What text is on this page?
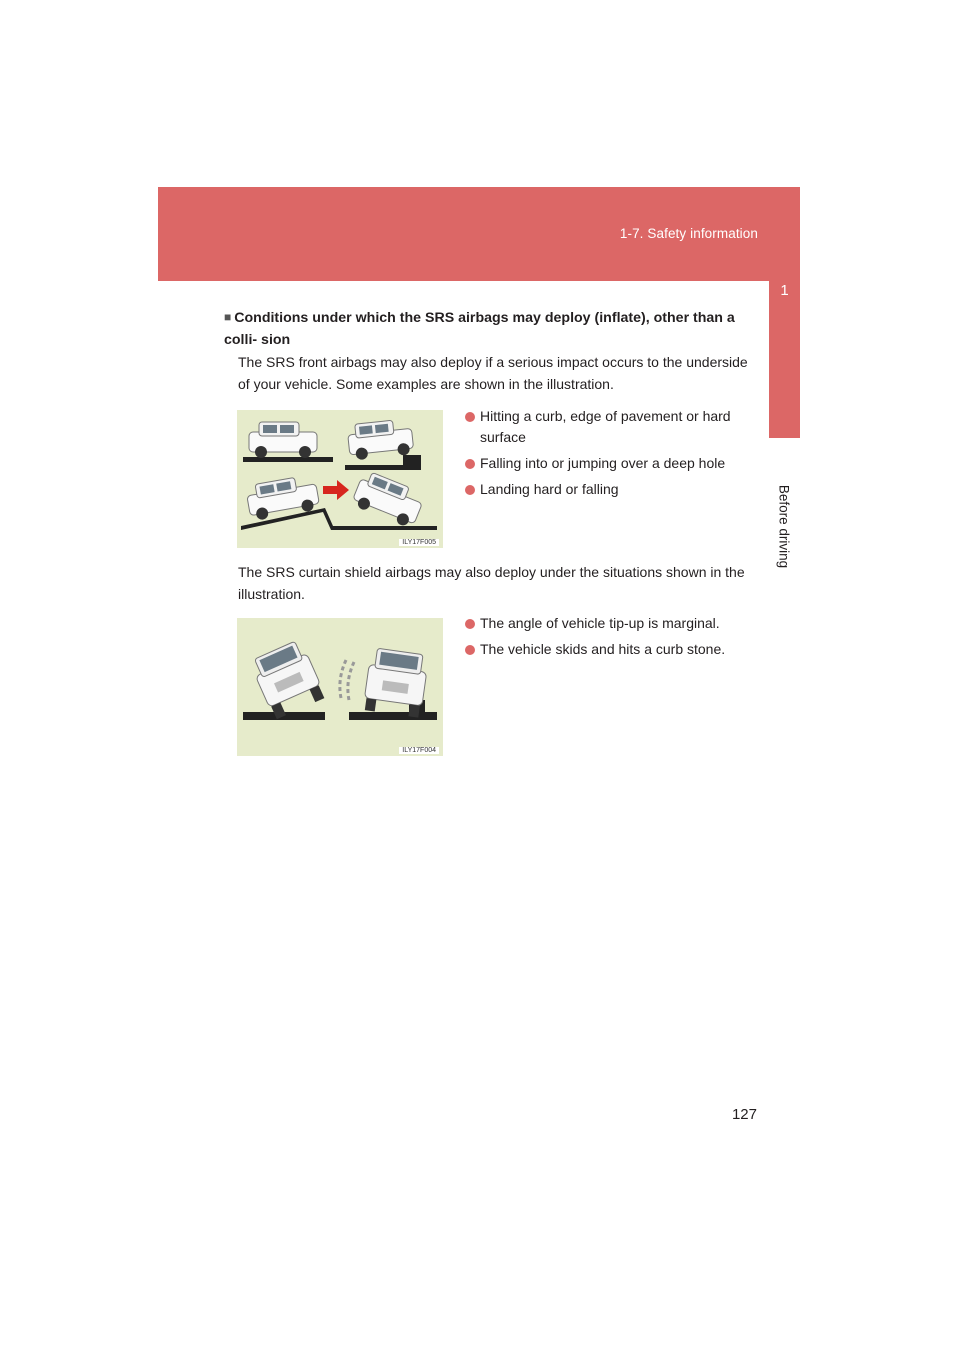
1-7. Safety information
1
Before driving
■ Conditions under which the SRS airbags may deploy (inflate), other than a colli- sion
The SRS front airbags may also deploy if a serious impact occurs to the underside of your vehicle. Some examples are shown in the illustration.
ILY17F005
Hitting a curb, edge of pavement or hard surface
Falling into or jumping over a deep hole
Landing hard or falling
The SRS curtain shield airbags may also deploy under the situations shown in the illustration.
ILY17F004
The angle of vehicle tip-up is marginal.
The vehicle skids and hits a curb stone.
127
